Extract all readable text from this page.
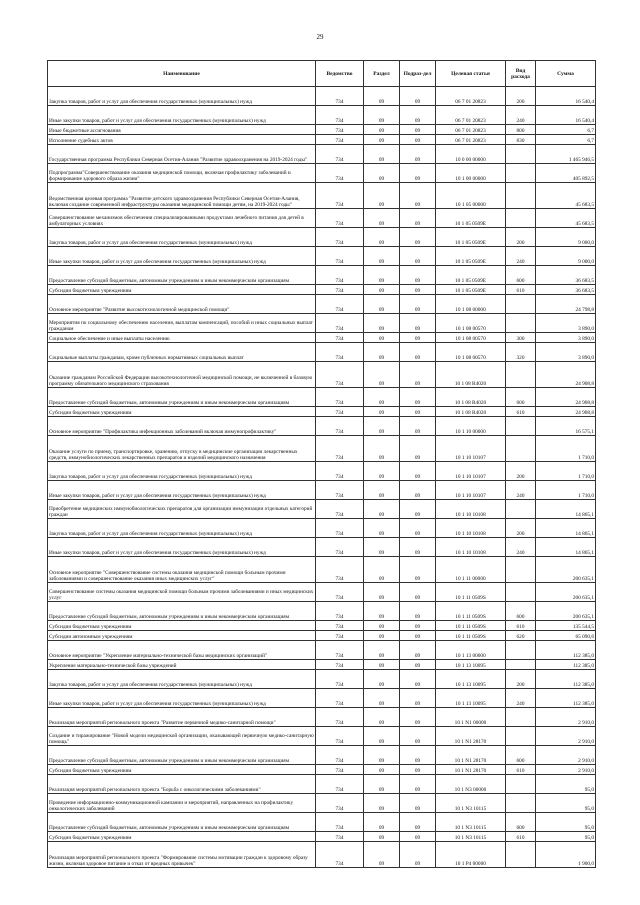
29
Наименование	Ведомство	Раздел	Подраз-дел	Целевая статья	Вид расхода	Сумма
Закупка товаров, работ и услуг для обеспечения государственных (муниципальных) нужд	734	09	09	06 7 01 20823	200	16 540,4
Иные закупки товаров, работ и услуг для обеспечения государственных (муниципальных) нужд	734	09	09	06 7 01 20823	240	16 540,4
Иные бюджетные ассигнования	734	09	09	06 7 01 20823	800	6,7
Исполнение судебных актов	734	09	09	06 7 01 20823	830	6,7
Государственная программа Республики Северная Осетия-Алания "Развитие здравоохранения на 2019-2024 годы"	734	09	09	10 0 00 00000		1 465 946,5
Подпрограмма"Совершенствование оказания медицинской помощи, включая профилактику заболеваний и формирование здорового образа жизни"	734	09	09	10 1 00 00000		405 892,5
Ведомственная целевая программа "Развитие детского здравоохранения Республики Северная Осетия-Алания, включая создание современной инфраструктуры оказания медицинской помощи детям, на 2019-2024 годы"	734	09	09	10 1 05 00000		45 683,5
Совершенствование механизмов обеспечения специализированными продуктами лечебного питания для детей в амбулаторных условиях	734	09	09	10 1 05 0509E		45 683,5
Закупка товаров, работ и услуг для обеспечения государственных (муниципальных) нужд	734	09	09	10 1 05 0509E	200	9 000,0
Иные закупки товаров, работ и услуг для обеспечения государственных (муниципальных) нужд	734	09	09	10 1 05 0509E	240	9 000,0
Предоставление субсидий бюджетным, автономным учреждениям и иным некоммерческим организациям	734	09	09	10 1 05 0509E	600	36 683,5
Субсидии бюджетным учреждениям	734	09	09	10 1 05 0509E	610	36 683,5
Основное мероприятие "Развитие высокотехнологичной медицинской помощи"	734	09	09	10 1 08 00000		24 798,8
Мероприятия по социальному обеспечению населения, выплатам компенсаций, пособий и иных социальных выплат гражданам	734	09	09	10 1 08 00570		3 890,0
Социальное обеспечение и иные выплаты населению	734	09	09	10 1 08 00570	300	3 890,0
Социальные выплаты гражданам, кроме публичных нормативных социальных выплат	734	09	09	10 1 08 00570	320	3 890,0
Оказание гражданам Российской Федерации высокотехнологичной медицинской помощи, не включенной в базовую программу обязательного медицинского страхования	734	09	09	10 1 08 R4020		24 908,8
Предоставление субсидий бюджетным, автономным учреждениям и иным некоммерческим организациям	734	09	09	10 1 08 R4020	600	24 908,8
Субсидии бюджетным учреждениям	734	09	09	10 1 08 R4020	610	24 908,8
Основное мероприятие "Профилактика инфекционных заболеваний включая иммунопрофилактику"	734	09	09	10 1 10 00000		16 575,1
Оказание услуги по приему, транспортировке, хранению, отпуску в медицинские организации лекарственных средств, иммунобиологических лекарственных препаратов и изделий медицинского назначения	734	09	09	10 1 10 10107		1 710,0
Закупка товаров, работ и услуг для обеспечения государственных (муниципальных) нужд	734	09	09	10 1 10 10107	200	1 710,0
Иные закупки товаров, работ и услуг для обеспечения государственных (муниципальных) нужд	734	09	09	10 1 10 10107	240	1 710,0
Приобретение медицинских иммунобиологических препаратов для организации иммунизации отдельных категорий граждан	734	09	09	10 1 10 10108		14 865,1
Закупка товаров, работ и услуг для обеспечения государственных (муниципальных) нужд	734	09	09	10 1 10 10108	200	14 865,1
Иные закупки товаров, работ и услуг для обеспечения государственных (муниципальных) нужд	734	09	09	10 1 10 10108	240	14 865,1
Основное мероприятие "Совершенствование системы оказания медицинской помощи больным прочими заболеваниями и совершенствование оказания иных медицинских услуг"	734	09	09	10 1 11 00000		200 635,1
Совершенствование системы оказания медицинской помощи больным прочими заболеваниями и иных медицинских услуг	734	09	09	10 1 11 0509S		200 635,1
Предоставление субсидий бюджетным, автономным учреждениям и иным некоммерческим организациям	734	09	09	10 1 11 0509S	600	200 635,1
Субсидии бюджетным учреждениям	734	09	09	10 1 11 0509S	610	135 544,5
Субсидии автономным учреждениям	734	09	09	10 1 11 0509S	620	65 090,6
Основное мероприятие "Укрепление материально-технической базы медицинских организаций"	734	09	09	10 1 13 00000		112 385,0
Укрепление материально-технической базы учреждений	734	09	09	10 1 13 10095		112 385,0
Закупка товаров, работ и услуг для обеспечения государственных (муниципальных) нужд	734	09	09	10 1 13 10095	200	112 385,0
Иные закупки товаров, работ и услуг для обеспечения государственных (муниципальных) нужд	734	09	09	10 1 13 10095	240	112 385,0
Реализация мероприятий регионального проекта "Развитие первичной медико-санитарной помощи"	734	09	09	10 1 N1 00000		2 910,0
Создание и тиражирование "Новой модели медицинской организации, оказывающей первичную медико-санитарную помощь"	734	09	09	10 1 N1 28170		2 910,0
Предоставление субсидий бюджетным, автономным учреждениям и иным некоммерческим организациям	734	09	09	10 1 N1 28170	600	2 910,0
Субсидии бюджетным учреждениям	734	09	09	10 1 N1 28170	610	2 910,0
Реализация мероприятий регионального проекта "Борьба с онкологическими заболеваниями"	734	09	09	10 1 N3 00000		95,0
Проведение информационно-коммуникационной кампании и мероприятий, направленных на профилактику онкологических заболеваний	734	09	09	10 1 N3 10115		95,0
Предоставление субсидий бюджетным, автономным учреждениям и иным некоммерческим организациям	734	09	09	10 1 N3 10115	600	95,0
Субсидии бюджетным учреждениям	734	09	09	10 1 N3 10115	610	95,0
Реализация мероприятий регионального проекта "Формирование системы мотивации граждан к здоровому образу жизни, включая здоровое питание и отказ от вредных привычек"	734	09	09	10 1 P4 00000		1 900,0
